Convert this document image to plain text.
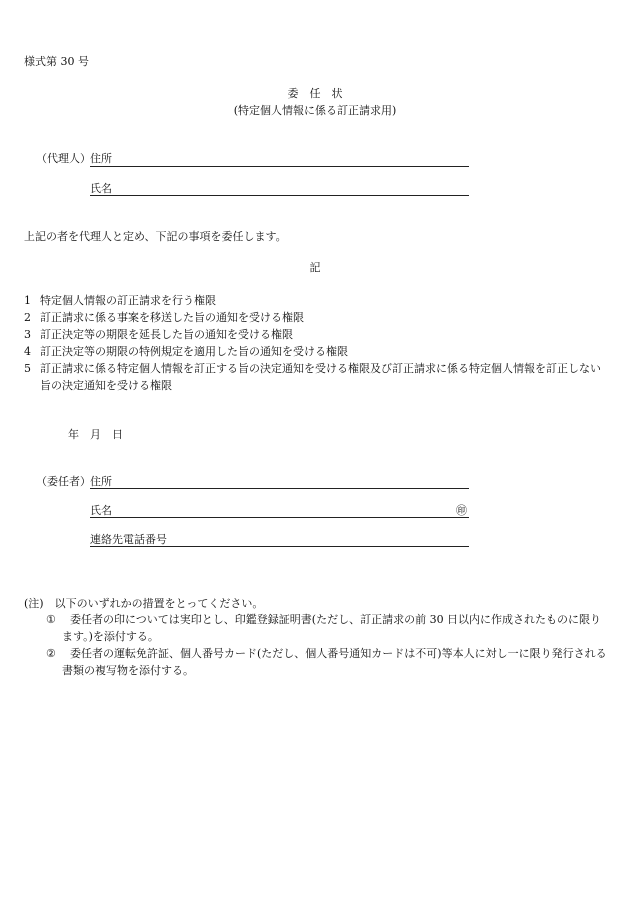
様式第 30 号
委　任　状
(特定個人情報に係る訂正請求用)
（代理人） 住所
氏名
上記の者を代理人と定め、下記の事項を委任します。
記
1 特定個人情報の訂正請求を行う権限
2 訂正請求に係る事案を移送した旨の通知を受ける権限
3 訂正決定等の期限を延長した旨の通知を受ける権限
4 訂正決定等の期限の特例規定を適用した旨の通知を受ける権限
5 訂正請求に係る特定個人情報を訂正する旨の決定通知を受ける権限及び訂正請求に係る特定個人情報を訂正しない旨の決定通知を受ける権限
年　月　日
（委任者） 住所
氏名	㊞
連絡先電話番号
(注)　以下のいずれかの措置をとってください。
①	委任者の印については実印とし、印鑑登録証明書(ただし、訂正請求の前 30 日以内に作成されたものに限ります。)を添付する。
②	委任者の運転免許証、個人番号カード(ただし、個人番号通知カードは不可)等本人に対し一に限り発行される書類の複写物を添付する。
